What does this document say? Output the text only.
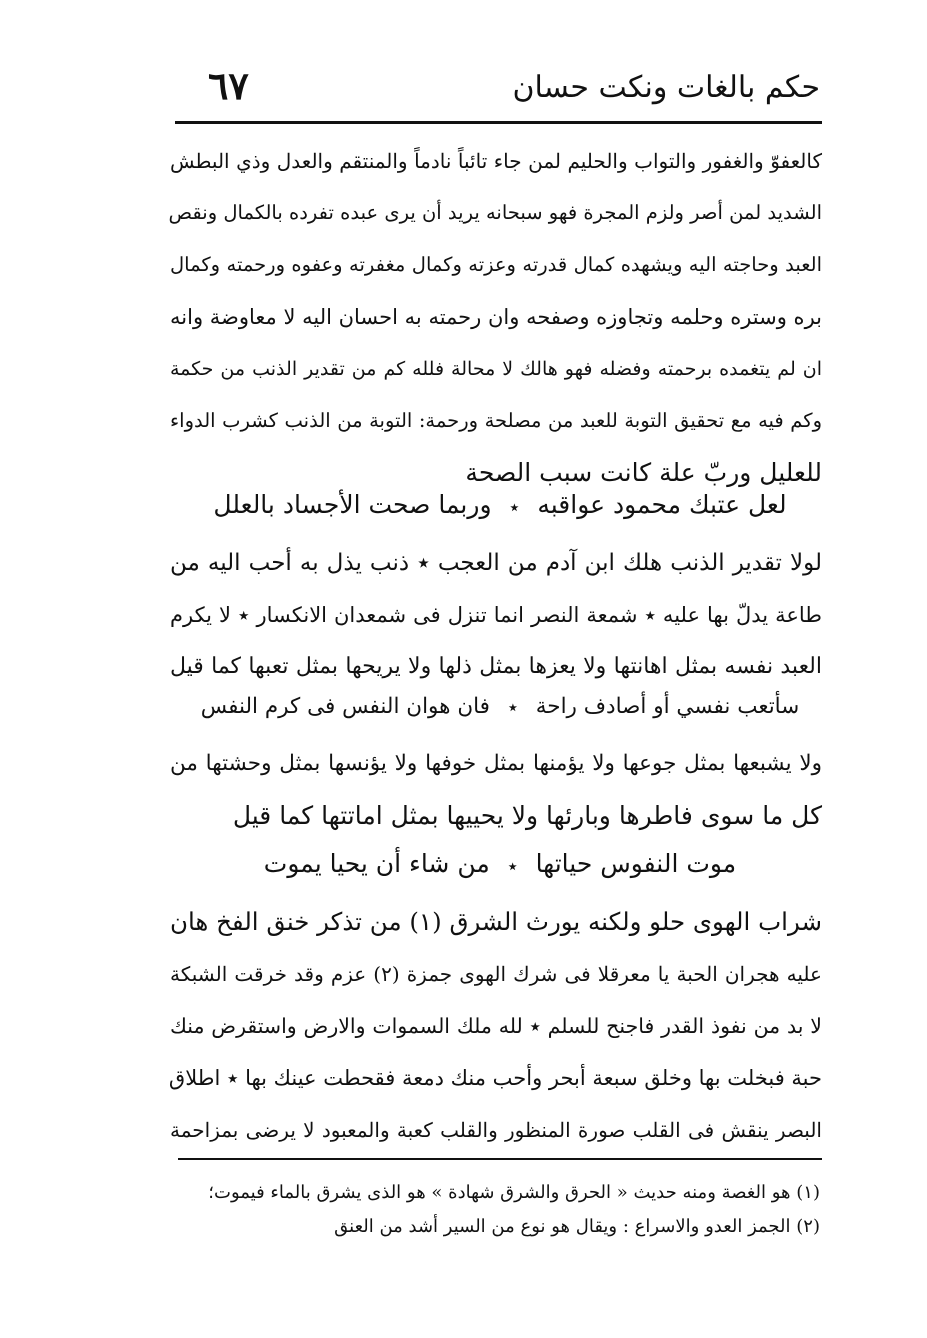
حكم بالغات ونكت حسان
٦٧
كالعفوّ والغفور والتواب والحليم لمن جاء تائباً نادماً والمنتقم والعدل وذي البطش
الشديد لمن أصر ولزم المجرة فهو سبحانه يريد أن يرى عبده تفرده بالكمال ونقص
العبد وحاجته اليه ويشهده كمال قدرته وعزته وكمال مغفرته وعفوه ورحمته وكمال
بره وستره وحلمه وتجاوزه وصفحه وان رحمته به احسان اليه لا معاوضة وانه
ان لم يتغمده برحمته وفضله فهو هالك لا محالة فلله كم من تقدير الذنب من حكمة
وكم فيه مع تحقيق التوبة للعبد من مصلحة ورحمة: التوبة من الذنب كشرب الدواء
للعليل وربّ علة كانت سبب الصحة
لعل عتبك محمود عواقبه٭وربما صحت الأجساد بالعلل
لولا تقدير الذنب هلك ابن آدم من العجب ٭ ذنب يذل به أحب اليه من
طاعة يدلّ بها عليه ٭ شمعة النصر انما تنزل فى شمعدان الانكسار ٭ لا يكرم
العبد نفسه بمثل اهانتها ولا يعزها بمثل ذلها ولا يريحها بمثل تعبها كما قيل
سأتعب نفسي أو أصادف راحة٭فان هوان النفس فى كرم النفس
ولا يشبعها بمثل جوعها ولا يؤمنها بمثل خوفها ولا يؤنسها بمثل وحشتها من
كل ما سوى فاطرها وبارئها ولا يحييها بمثل اماتتها كما قيل
موت النفوس حياتها٭من شاء أن يحيا يموت
شراب الهوى حلو ولكنه يورث الشرق (١) من تذكر خنق الفخ هان
عليه هجران الحبة يا معرقلا فى شرك الهوى جمزة (٢) عزم وقد خرقت الشبكة
لا بد من نفوذ القدر فاجنح للسلم ٭ لله ملك السموات والارض واستقرض منك
حبة فبخلت بها وخلق سبعة أبحر وأحب منك دمعة فقحطت عينك بها ٭ اطلاق
البصر ينقش فى القلب صورة المنظور والقلب كعبة والمعبود لا يرضى بمزاحمة
(١) هو الغصة ومنه حديث « الحرق والشرق شهادة » هو الذى يشرق بالماء فيموت؛
(٢) الجمز العدو والاسراع : ويقال هو نوع من السير أشد من العنق
